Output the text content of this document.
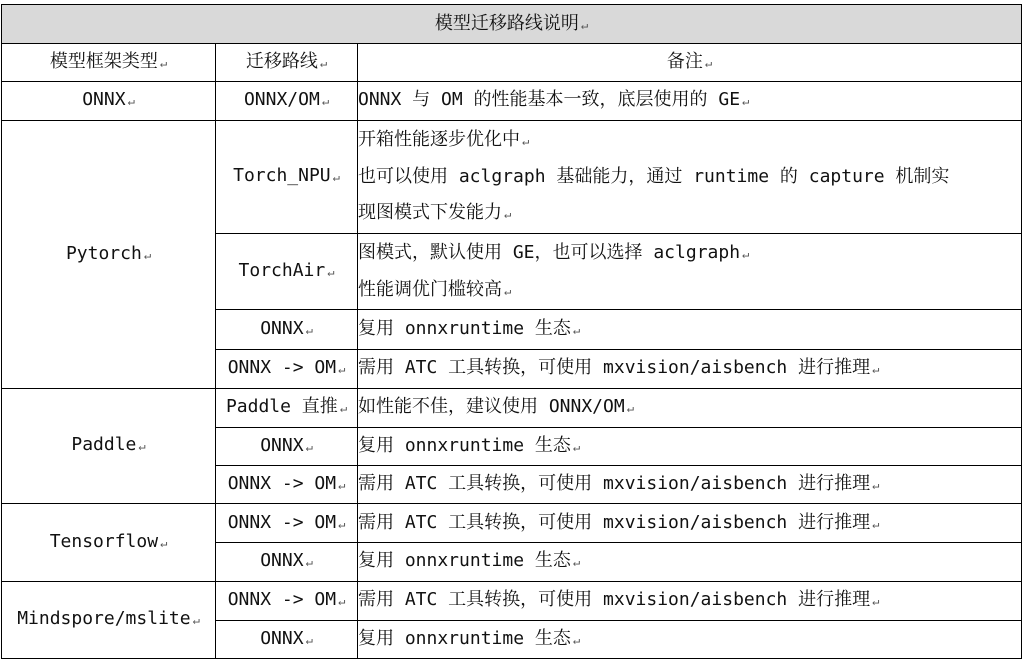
模型迁移路线说明 ↵		
模型框架类型 ↵	迁移路线 ↵	备注 ↵
ONNX ↵	ONNX/OM ↵	ONNX 与 OM 的性能基本一致，底层使用的 GE ↵

Pytorch ↵	Torch_NPU ↵	开箱性能逐步优化中 ↵
也可以使用 aclgraph 基础能力，通过 runtime 的 capture 机制实
现图模式下发能力 ↵

	TorchAir ↵	图模式，默认使用 GE，也可以选择 aclgraph ↵
性能调优门槛较高 ↵

	ONNX ↵	复用 onnxruntime 生态 ↵

	ONNX -> OM ↵	需用 ATC 工具转换，可使用 mxvision/aisbench 进行推理 ↵

Paddle ↵	Paddle 直推 ↵	如性能不佳，建议使用 ONNX/OM ↵

	ONNX ↵	复用 onnxruntime 生态 ↵

	ONNX -> OM ↵	需用 ATC 工具转换，可使用 mxvision/aisbench 进行推理 ↵

Tensorflow ↵	ONNX -> OM ↵	需用 ATC 工具转换，可使用 mxvision/aisbench 进行推理 ↵

	ONNX ↵	复用 onnxruntime 生态 ↵

Mindspore/mslite ↵	ONNX -> OM ↵	需用 ATC 工具转换，可使用 mxvision/aisbench 进行推理 ↵

	ONNX ↵	复用 onnxruntime 生态 ↵
